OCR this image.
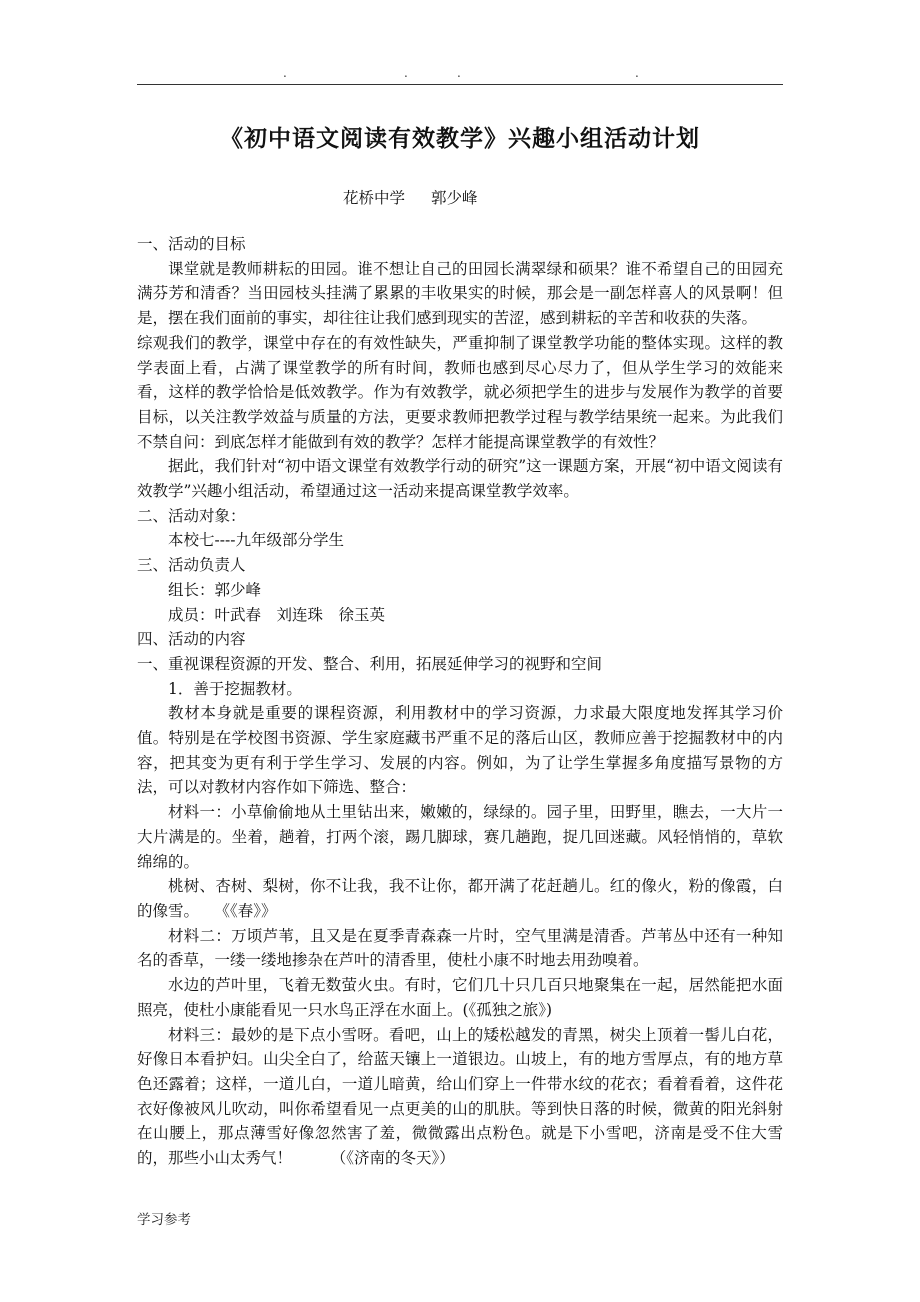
.	.	.	.
《初中语文阅读有效教学》兴趣小组活动计划
花桥中学 郭少峰

一、活动的目标

课堂就是教师耕耘的田园。谁不想让自己的田园长满翠绿和硕果？谁不希望自己的田园充满芬芳和清香？当田园枝头挂满了累累的丰收果实的时候，那会是一副怎样喜人的风景啊！但是，摆在我们面前的事实，却往往让我们感到现实的苦涩，感到耕耘的辛苦和收获的失落。

综观我们的教学，课堂中存在的有效性缺失，严重抑制了课堂教学功能的整体实现。这样的教学表面上看，占满了课堂教学的所有时间，教师也感到尽心尽力了，但从学生学习的效能来看，这样的教学恰恰是低效教学。作为有效教学，就必须把学生的进步与发展作为教学的首要目标，以关注教学效益与质量的方法，更要求教师把教学过程与教学结果统一起来。为此我们不禁自问：到底怎样才能做到有效的教学？怎样才能提高课堂教学的有效性？

据此，我们针对“初中语文课堂有效教学行动的研究”这一课题方案，开展“初中语文阅读有效教学”兴趣小组活动，希望通过这一活动来提高课堂教学效率。

二、活动对象：

本校七----九年级部分学生

三、活动负责人

组长：郭少峰

成员：叶武春　刘连珠　徐玉英

四、活动的内容

一、重视课程资源的开发、整合、利用，拓展延伸学习的视野和空间

1．善于挖掘教材。

教材本身就是重要的课程资源，利用教材中的学习资源，力求最大限度地发挥其学习价值。特别是在学校图书资源、学生家庭藏书严重不足的落后山区，教师应善于挖掘教材中的内容，把其变为更有利于学生学习、发展的内容。例如，为了让学生掌握多角度描写景物的方法，可以对教材内容作如下筛选、整合：

材料一：小草偷偷地从土里钻出来，嫩嫩的，绿绿的。园子里，田野里，瞧去，一大片一大片满是的。坐着，趟着，打两个滚，踢几脚球，赛几趟跑，捉几回迷藏。风轻悄悄的，草软绵绵的。

桃树、杏树、梨树，你不让我，我不让你，都开满了花赶趟儿。红的像火，粉的像霞，白的像雪。　　《《春》》

材料二：万顷芦苇，且又是在夏季青森森一片时，空气里满是清香。芦苇丛中还有一种知名的香草，一缕一缕地掺杂在芦叶的清香里，使杜小康不时地去用劲嗅着。

水边的芦叶里，飞着无数萤火虫。有时，它们几十只几百只地聚集在一起，居然能把水面照亮，使杜小康能看见一只水鸟正浮在水面上。(《孤独之旅》)

材料三：最妙的是下点小雪呀。看吧，山上的矮松越发的青黑，树尖上顶着一髻儿白花，好像日本看护妇。山尖全白了，给蓝天镶上一道银边。山坡上，有的地方雪厚点，有的地方草色还露着；这样，一道儿白，一道儿暗黄，给山们穿上一件带水纹的花衣；看着看着，这件花衣好像被风儿吹动，叫你希望看见一点更美的山的肌肤。等到快日落的时候，微黄的阳光斜射在山腰上，那点薄雪好像忽然害了羞，微微露出点粉色。就是下小雪吧，济南是受不住大雪的，那些小山太秀气！　　　（《济南的冬天》）

学习参考
